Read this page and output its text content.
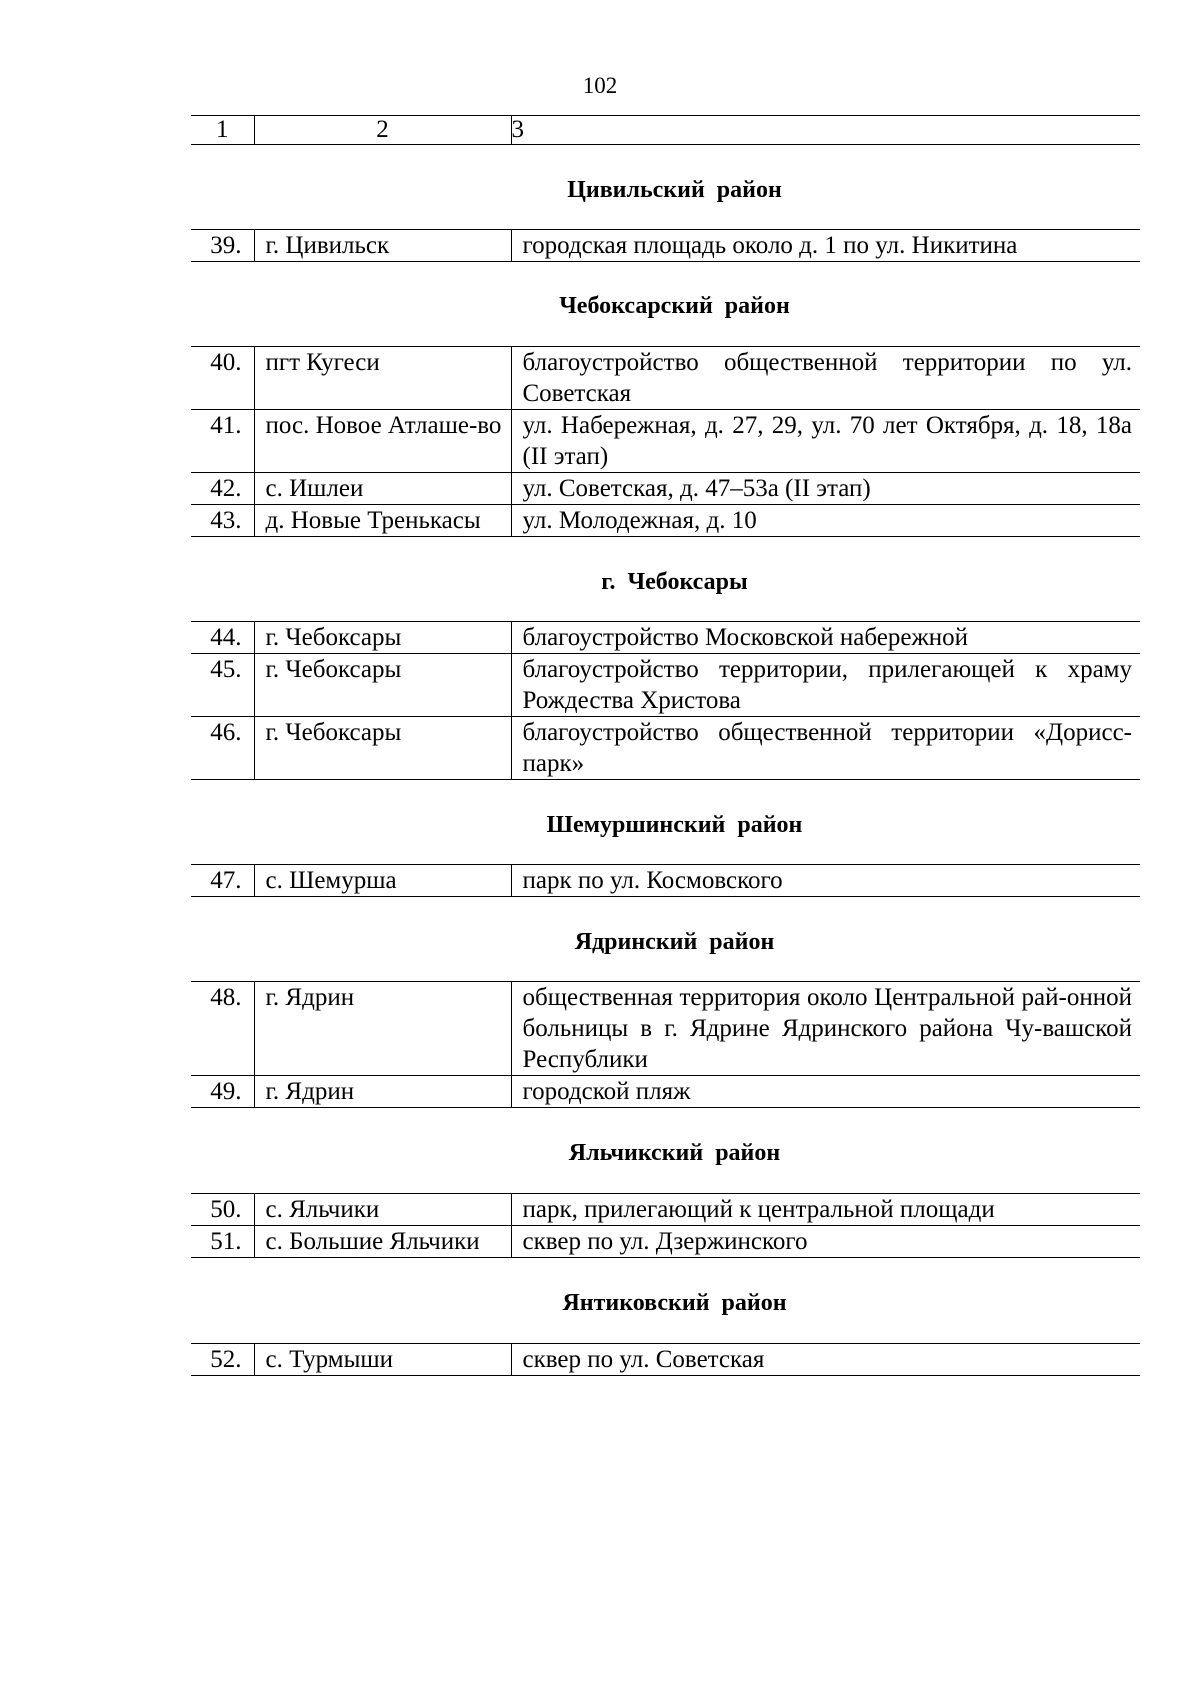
102
1	2	3
Цивильский район
39.	г. Цивильск	городская площадь около д. 1 по ул. Никитина
Чебоксарский район
40.	пгт Кугеси	благоустройство общественной территории по ул. Советская
41.	пос. Новое Атлаше-во	ул. Набережная, д. 27, 29, ул. 70 лет Октября, д. 18, 18а (II этап)
42.	с. Ишлеи	ул. Советская, д. 47–53а (II этап)
43.	д. Новые Тренькасы	ул. Молодежная, д. 10
г. Чебоксары
44.	г. Чебоксары	благоустройство Московской набережной
45.	г. Чебоксары	благоустройство территории, прилегающей к храму Рождества Христова
46.	г. Чебоксары	благоустройство общественной территории «Дорисс-парк»
Шемуршинский район
47.	с. Шемурша	парк по ул. Космовского
Ядринский район
48.	г. Ядрин	общественная территория около Центральной рай-онной больницы в г. Ядрине Ядринского района Чу-вашской Республики
49.	г. Ядрин	городской пляж
Яльчикский район
50.	с. Яльчики	парк, прилегающий к центральной площади
51.	с. Большие Яльчики	сквер по ул. Дзержинского
Янтиковский район
52.	с. Турмыши	сквер по ул. Советская
